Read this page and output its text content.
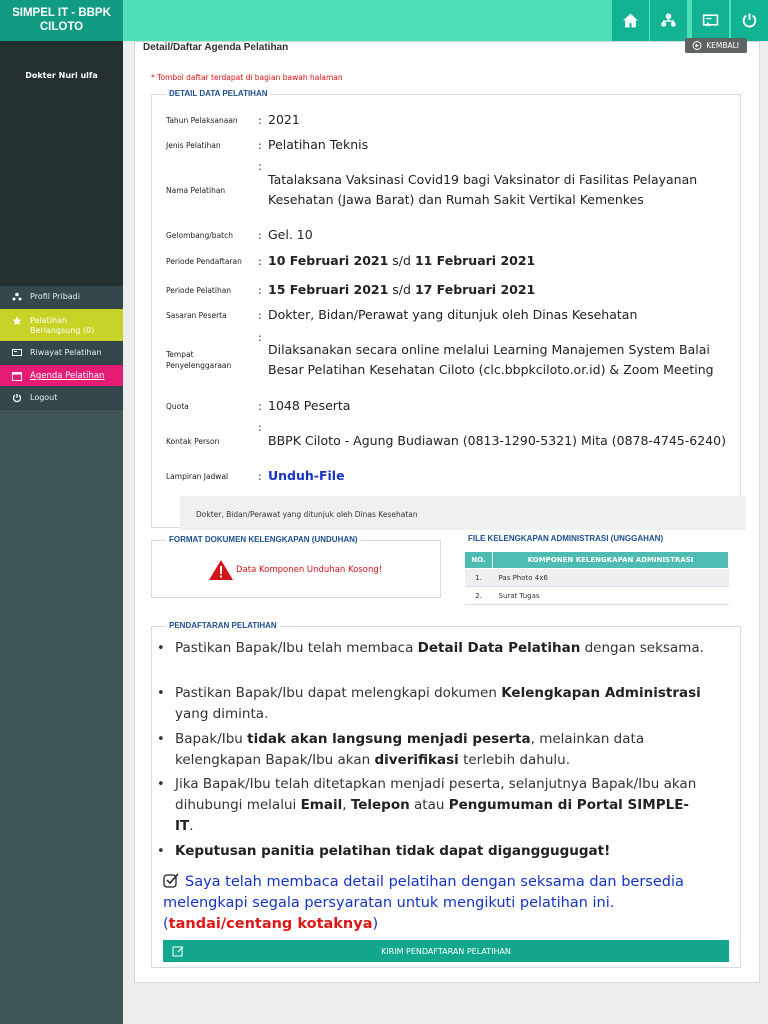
SIMPEL IT - BBPK CILOTO
Dokter Nuri ulfa
Profil Pribadi
Pelatihan Berlangsung (0)
Riwayat Pelatihan
Agenda Pelatihan
Logout
Detail/Daftar Agenda Pelatihan	KEMBALI
* Tombol daftar terdapat di bagian bawah halaman
DETAIL DATA PELATIHAN
Tahun Pelaksanaan	: 2021
Jenis Pelatihan	: Pelatihan Teknis
Nama Pelatihan
:
Tatalaksana Vaksinasi Covid19 bagi Vaksinator di Fasilitas Pelayanan Kesehatan (Jawa Barat) dan Rumah Sakit Vertikal Kemenkes
Gelombang/batch	: Gel. 10
Periode Pendaftaran	: 10 Februari 2021 s/d 11 Februari 2021
Periode Pelatihan	: 15 Februari 2021 s/d 17 Februari 2021
Sasaran Peserta	: Dokter, Bidan/Perawat yang ditunjuk oleh Dinas Kesehatan
Tempat Penyelenggaraan
:
Dilaksanakan secara online melalui Learning Manajemen System Balai Besar Pelatihan Kesehatan Ciloto (clc.bbpkciloto.or.id) & Zoom Meeting
Quota	: 1048 Peserta
Kontak Person
:
BBPK Ciloto - Agung Budiawan (0813-1290-5321) Mita (0878-4745-6240)
Lampiran Jadwal	: Unduh-File
Dokter, Bidan/Perawat yang ditunjuk oleh Dinas Kesehatan
FORMAT DOKUMEN KELENGKAPAN (UNDUHAN)
Data Komponen Unduhan Kosong!
FILE KELENGKAPAN ADMINISTRASI (UNGGAHAN)
NO.	KOMPONEN KELENGKAPAN ADMINISTRASI
1.	Pas Photo 4x6
2.	Surat Tugas
PENDAFTARAN PELATIHAN
• Pastikan Bapak/Ibu telah membaca Detail Data Pelatihan dengan seksama.
• Pastikan Bapak/Ibu dapat melengkapi dokumen Kelengkapan Administrasi yang diminta.
• Bapak/Ibu tidak akan langsung menjadi peserta, melainkan data kelengkapan Bapak/Ibu akan diverifikasi terlebih dahulu.
• Jika Bapak/Ibu telah ditetapkan menjadi peserta, selanjutnya Bapak/Ibu akan dihubungi melalui Email, Telepon atau Pengumuman di Portal SIMPLE-IT.
• Keputusan panitia pelatihan tidak dapat diganggugugat!
Saya telah membaca detail pelatihan dengan seksama dan bersedia melengkapi segala persyaratan untuk mengikuti pelatihan ini. (tandai/centang kotaknya)
KIRIM PENDAFTARAN PELATIHAN
